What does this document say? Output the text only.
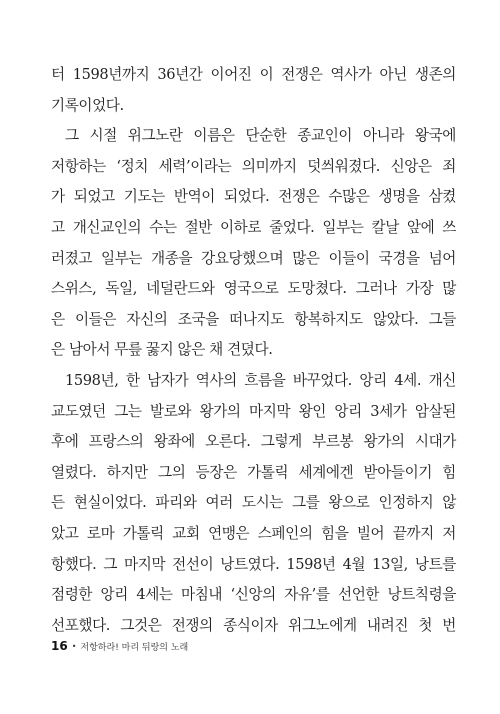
터 1598년까지 36년간 이어진 이 전쟁은 역사가 아닌 생존의
기록이었다.
그 시절 위그노란 이름은 단순한 종교인이 아니라 왕국에
저항하는 ‘정치 세력’이라는 의미까지 덧씌워졌다. 신앙은 죄
가 되었고 기도는 반역이 되었다. 전쟁은 수많은 생명을 삼켰
고 개신교인의 수는 절반 이하로 줄었다. 일부는 칼날 앞에 쓰
러졌고 일부는 개종을 강요당했으며 많은 이들이 국경을 넘어
스위스, 독일, 네덜란드와 영국으로 도망쳤다. 그러나 가장 많
은 이들은 자신의 조국을 떠나지도 항복하지도 않았다. 그들
은 남아서 무릎 꿇지 않은 채 견뎠다.
1598년, 한 남자가 역사의 흐름을 바꾸었다. 앙리 4세. 개신
교도였던 그는 발로와 왕가의 마지막 왕인 앙리 3세가 암살된
후에 프랑스의 왕좌에 오른다. 그렇게 부르봉 왕가의 시대가
열렸다. 하지만 그의 등장은 가톨릭 세계에겐 받아들이기 힘
든 현실이었다. 파리와 여러 도시는 그를 왕으로 인정하지 않
았고 로마 가톨릭 교회 연맹은 스페인의 힘을 빌어 끝까지 저
항했다. 그 마지막 전선이 낭트였다. 1598년 4월 13일, 낭트를
점령한 앙리 4세는 마침내 ‘신앙의 자유’를 선언한 낭트칙령을
선포했다. 그것은 전쟁의 종식이자 위그노에게 내려진 첫 번
16 • 저항하라! 마리 뒤랑의 노래
